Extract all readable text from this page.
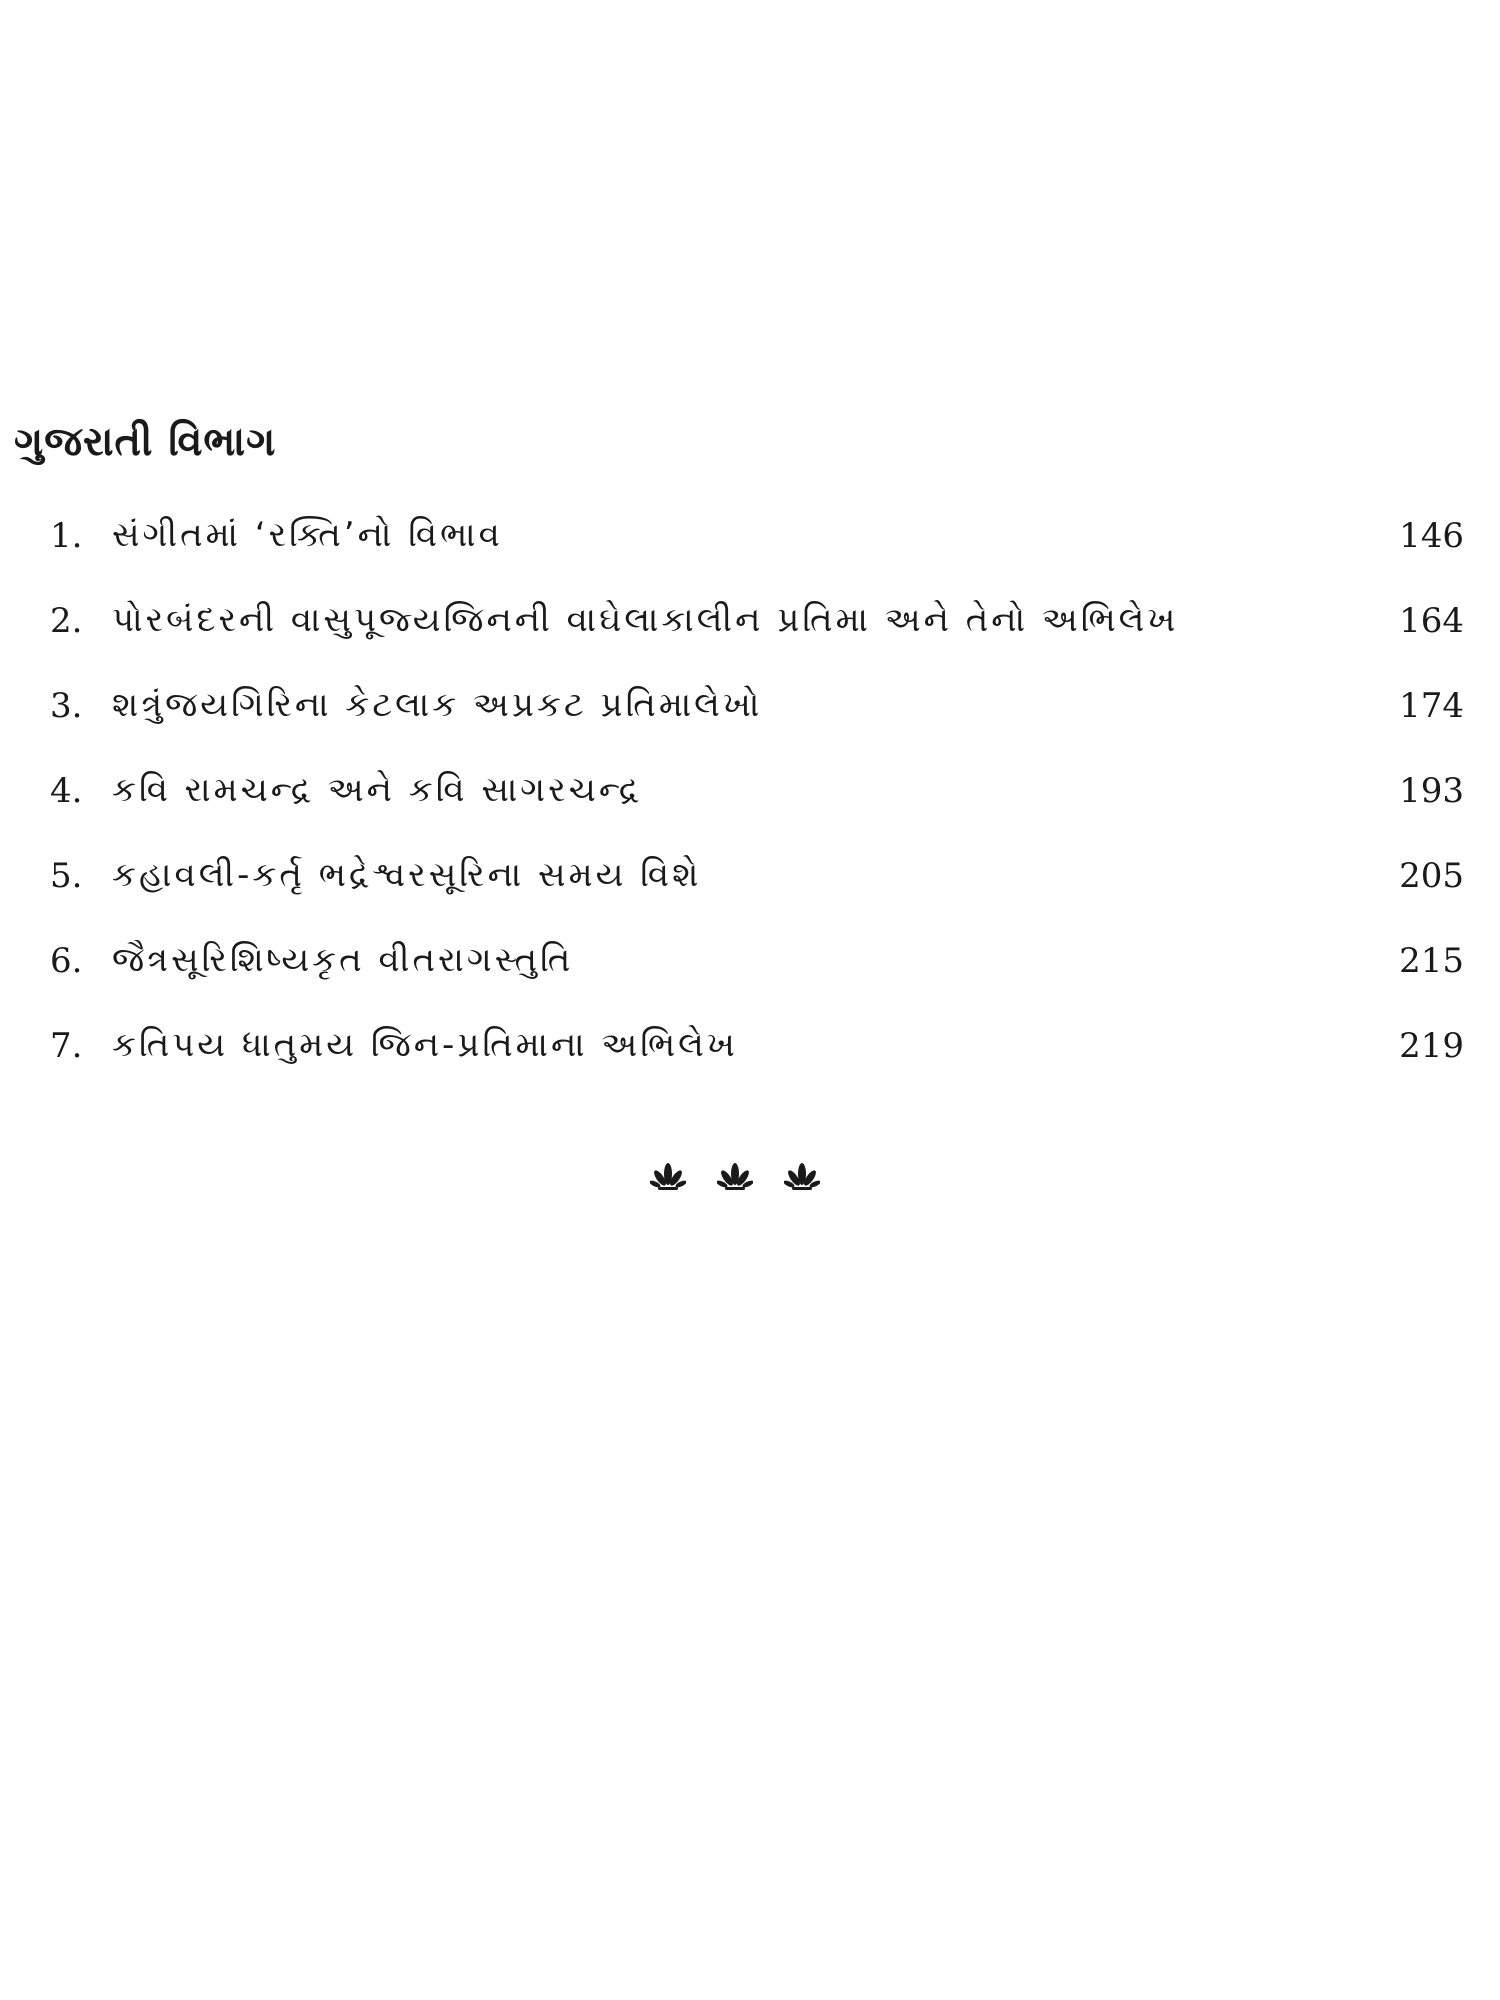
ગુજરાતી વિભાગ
1. સંગીતમાં ‘રક્તિ’નો વિભાવ	146
2. પોરબંદરની વાસુપૂજ્યજિનની વાઘેલાકાલીન પ્રતિમા અને તેનો અભિલેખ	164
3. શત્રુંજયગિરિના કેટલાક અપ્રકટ પ્રતિમાલેખો	174
4. કવિ રામચન્દ્ર અને કવિ સાગરચન્દ્ર	193
5. કહાવલી-કર્તૃ ભદ્રેશ્વરસૂરિના સમય વિશે	205
6. જૈત્રસૂરિશિષ્યકૃત વીતરાગસ્તુતિ	215
7. કતિપય ધાતુમય જિન-પ્રતિમાના અભિલેખ	219
